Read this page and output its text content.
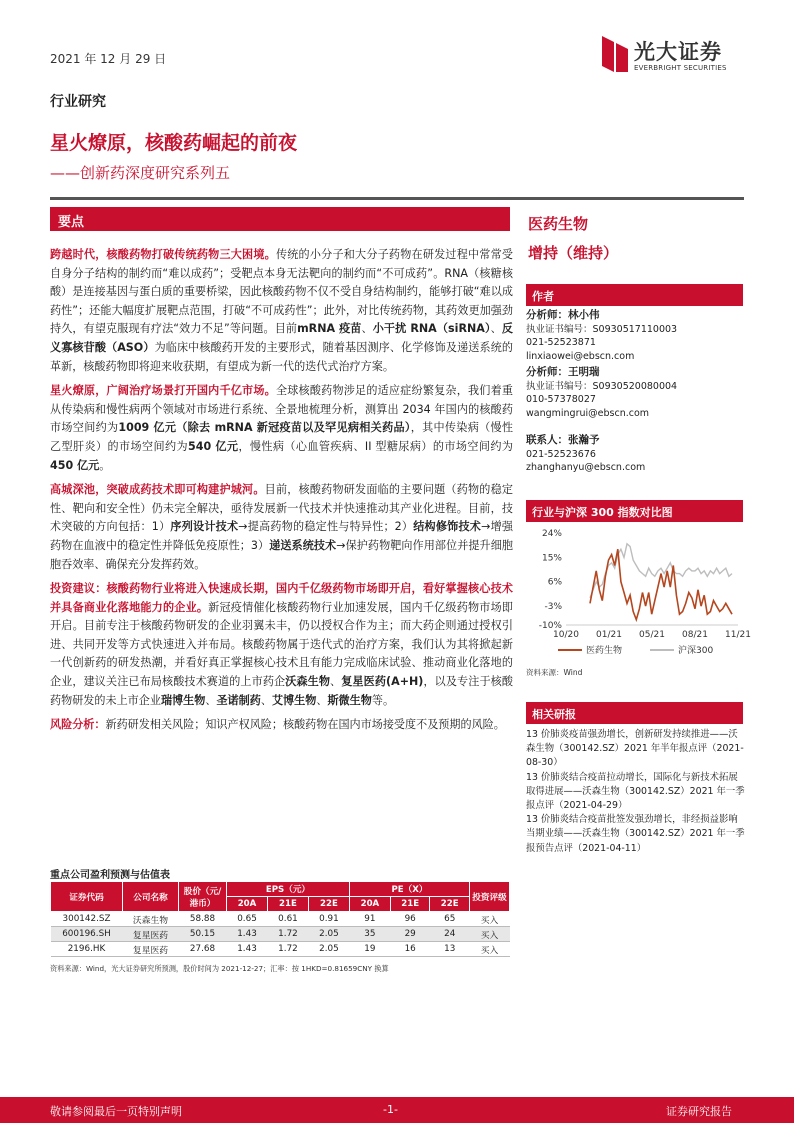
2021 年 12 月 29 日	光大证券
EVERBRIGHT SECURITIES
行业研究
星火燎原，核酸药崛起的前夜
——创新药深度研究系列五
要点

跨越时代，核酸药物打破传统药物三大困境。传统的小分子和大分子药物在研发过程中常常受自身分子结构的制约而“难以成药”；受靶点本身无法靶向的制约而“不可成药”。RNA（核糖核酸）是连接基因与蛋白质的重要桥梁，因此核酸药物不仅不受自身结构制约，能够打破“难以成药性”；还能大幅度扩展靶点范围，打破“不可成药性”；此外，对比传统药物，其药效更加强劲持久，有望克服现有疗法“效力不足”等问题。目前mRNA 疫苗、小干扰 RNA（siRNA）、反义寡核苷酸（ASO）为临床中核酸药开发的主要形式，随着基因测序、化学修饰及递送系统的革新，核酸药物即将迎来收获期，有望成为新一代的迭代式治疗方案。

星火燎原，广阔治疗场景打开国内千亿市场。全球核酸药物涉足的适应症纷繁复杂，我们着重从传染病和慢性病两个领域对市场进行系统、全景地梳理分析，测算出 2034 年国内的核酸药市场空间约为1009 亿元（除去 mRNA 新冠疫苗以及罕见病相关药品），其中传染病（慢性乙型肝炎）的市场空间约为540 亿元，慢性病（心血管疾病、II 型糖尿病）的市场空间约为450 亿元。

高城深池，突破成药技术即可构建护城河。目前，核酸药物研发面临的主要问题（药物的稳定性、靶向和安全性）仍未完全解决，亟待发展新一代技术并快速推动其产业化进程。目前，技术突破的方向包括：1）序列设计技术→提高药物的稳定性与特异性；2）结构修饰技术→增强药物在血液中的稳定性并降低免疫原性；3）递送系统技术→保护药物靶向作用部位并提升细胞胞吞效率、确保充分发挥药效。

投资建议：核酸药物行业将进入快速成长期，国内千亿级药物市场即开启，看好掌握核心技术并具备商业化落地能力的企业。新冠疫情催化核酸药物行业加速发展，国内千亿级药物市场即开启。目前专注于核酸药物研发的企业羽翼未丰，仍以授权合作为主；而大药企则通过授权引进、共同开发等方式快速进入并布局。核酸药物属于迭代式的治疗方案，我们认为其将掀起新一代创新药的研发热潮，并看好真正掌握核心技术且有能力完成临床试验、推动商业化落地的企业，建议关注已布局核酸技术赛道的上市药企沃森生物、复星医药(A+H)，以及专注于核酸药物研发的未上市企业瑞博生物、圣诺制药、艾博生物、斯微生物等。

风险分析：新药研发相关风险；知识产权风险；核酸药物在国内市场接受度不及预期的风险。

医药生物
增持（维持）
作者
分析师：林小伟
执业证书编号：S0930517110003
021-52523871
linxiaowei@ebscn.com
分析师：王明瑞
执业证书编号：S0930520080004
010-57378027
wangmingrui@ebscn.com
联系人：张瀚予
021-52523676
zhanghanyu@ebscn.com
行业与沪深 300 指数对比图
24%
15%
6%
-3%
-10%
10/20 01/21 05/21 08/21 11/21
医药生物	沪深300
资料来源：Wind
相关研报
13 价肺炎疫苗强劲增长，创新研发持续推进——沃森生物（300142.SZ）2021 年半年报点评（2021-08-30）
13 价肺炎结合疫苗拉动增长，国际化与新技术拓展取得进展——沃森生物（300142.SZ）2021 年一季报点评（2021-04-29）
13 价肺炎结合疫苗批签发强劲增长，非经损益影响当期业绩——沃森生物（300142.SZ）2021 年一季报预告点评（2021-04-11）
重点公司盈利预测与估值表
证券代码	公司名称	股价（元/港币）	EPS（元）			PE（X）			投资评级
			20A	21E	22E	20A	21E	22E	
300142.SZ	沃森生物	58.88	0.65	0.61	0.91	91	96	65	买入
600196.SH	复星医药	50.15	1.43	1.72	2.05	35	29	24	买入
2196.HK	复星医药	27.68	1.43	1.72	2.05	19	16	13	买入
资料来源：Wind，光大证券研究所预测，股价时间为 2021-12-27；汇率：按 1HKD=0.81659CNY 换算
敬请参阅最后一页特别声明	-1-	证券研究报告
